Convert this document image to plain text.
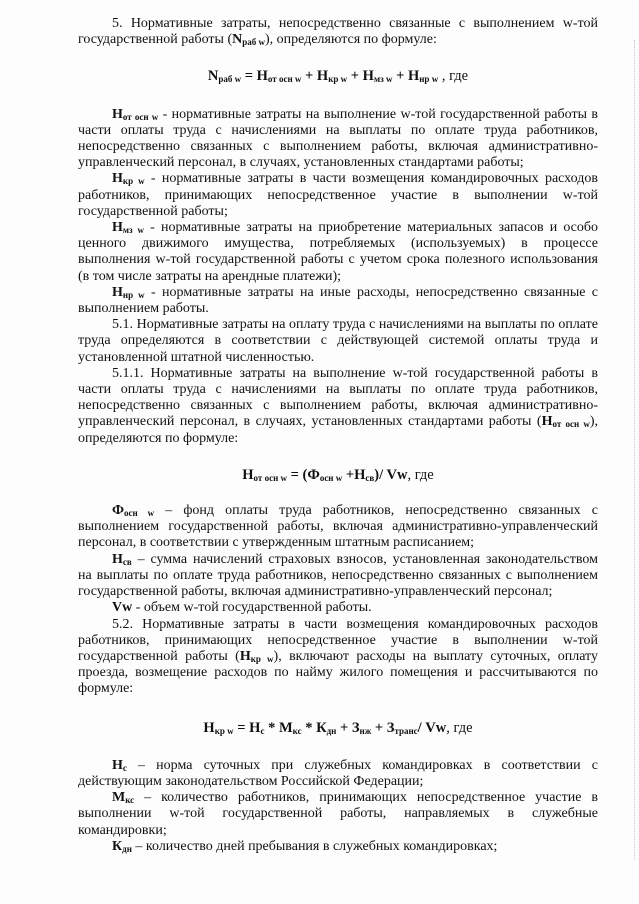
5. Нормативные затраты, непосредственно связанные с выполнением w-той государственной работы $(N_{раб w})$, определяются по формуле:

$N_{раб w} = Н_{от осн w} + Н_{кр w} + Н_{мз w} + Н_{нр w}$ , где

$Н_{от осн w}$ - нормативные затраты на выполнение w-той государственной работы в части оплаты труда с начислениями на выплаты по оплате труда работников, непосредственно связанных с выполнением работы, включая административно-управленческий персонал, в случаях, установленных стандартами работы;

$Н_{кр w}$ - нормативные затраты в части возмещения командировочных расходов работников, принимающих непосредственное участие в выполнении w-той государственной работы;

$Н_{мз w}$ - нормативные затраты на приобретение материальных запасов и особо ценного движимого имущества, потребляемых (используемых) в процессе выполнения w-той государственной работы с учетом срока полезного использования (в том числе затраты на арендные платежи);

$Н_{нр w}$ - нормативные затраты на иные расходы, непосредственно связанные с выполнением работы.

5.1. Нормативные затраты на оплату труда с начислениями на выплаты по оплате труда определяются в соответствии с действующей системой оплаты труда и установленной штатной численностью.

5.1.1. Нормативные затраты на выполнение w-той государственной работы в части оплаты труда с начислениями на выплаты по оплате труда работников, непосредственно связанных с выполнением работы, включая административно-управленческий персонал, в случаях, установленных стандартами работы $(Н_{от осн w})$, определяются по формуле:

$Н_{от осн w} = (Ф_{осн w} +Н_{св})/$ Vw, где

$Ф_{осн w}$ – фонд оплаты труда работников, непосредственно связанных с выполнением государственной работы, включая административно-управленческий персонал, в соответствии с утвержденным штатным расписанием;

$Н_{св}$ – сумма начислений страховых взносов, установленная законодательством на выплаты по оплате труда работников, непосредственно связанных с выполнением государственной работы, включая административно-управленческий персонал;

Vw - объем w-той государственной работы.

5.2. Нормативные затраты в части возмещения командировочных расходов работников, принимающих непосредственное участие в выполнении w-той государственной работы $(Н_{кр w})$, включают расходы на выплату суточных, оплату проезда, возмещение расходов по найму жилого помещения и рассчитываются по формуле:

$Н_{кр w} = Н_с * М_{кс} * К_{дн} + З_{нж} + З_{транс}/$ Vw, где

$Н_с$ – норма суточных при служебных командировках в соответствии с действующим законодательством Российской Федерации;

$М_{кс}$ – количество работников, принимающих непосредственное участие в выполнении w-той государственной работы, направляемых в служебные командировки;

$К_{дн}$ – количество дней пребывания в служебных командировках;
